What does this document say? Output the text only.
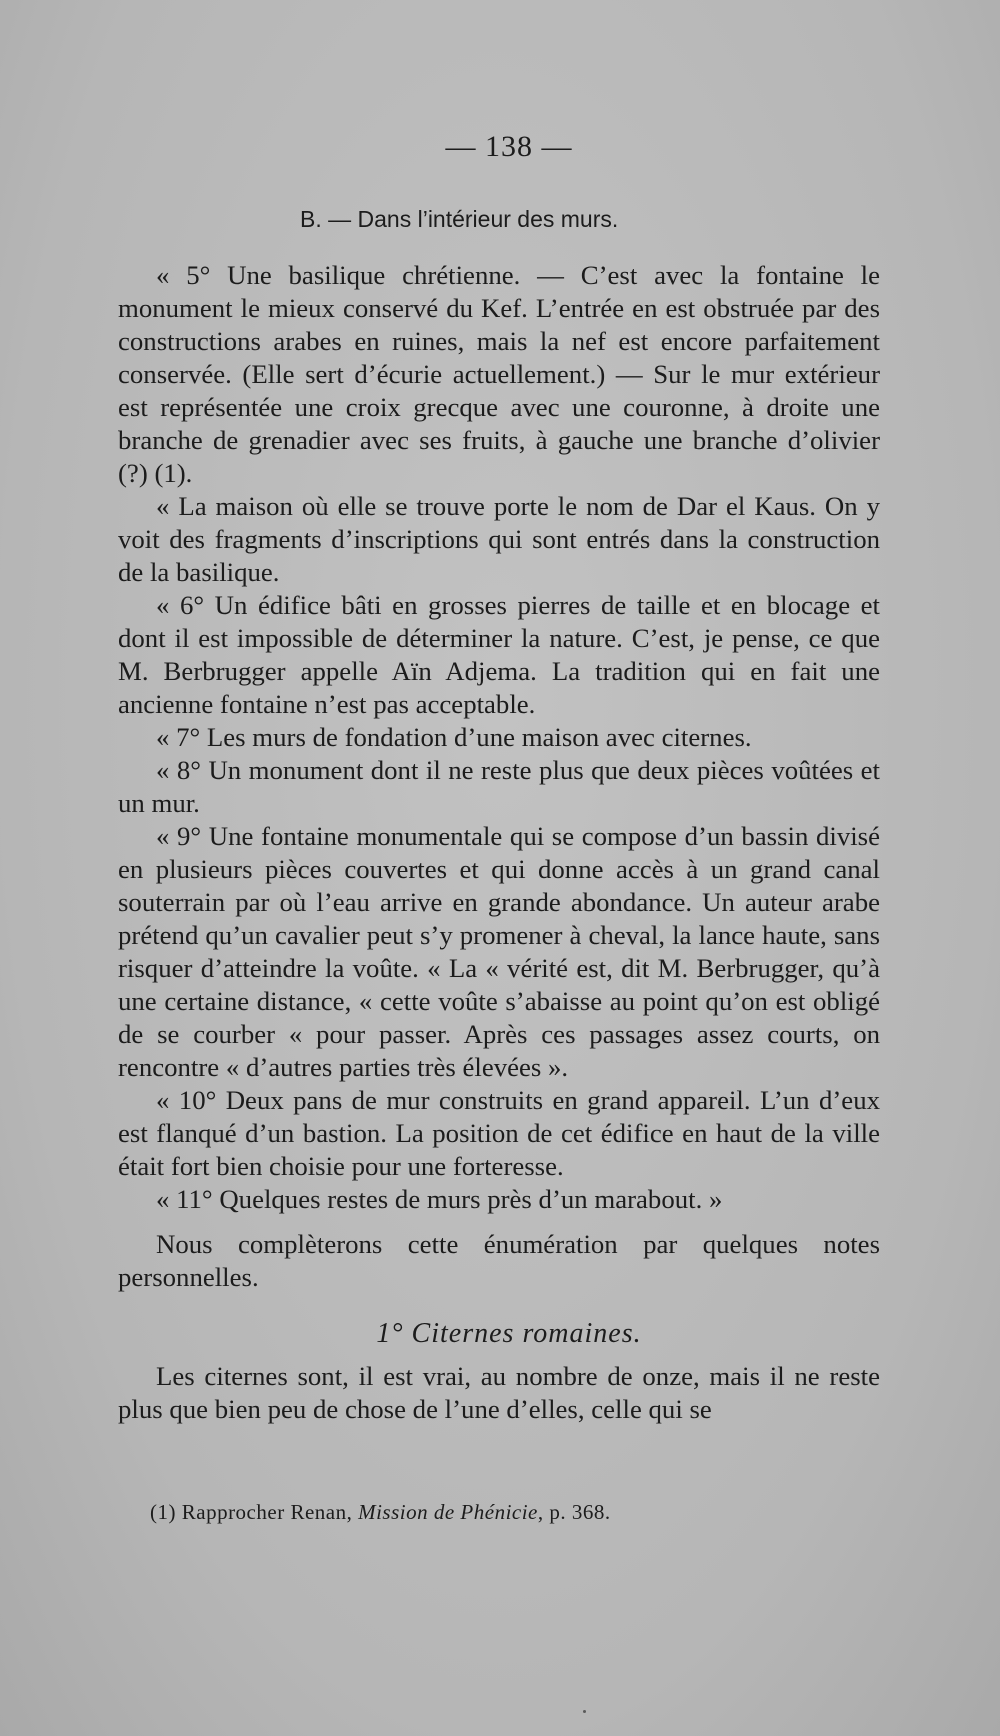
— 138 —

B. — Dans l’intérieur des murs.

« 5° Une basilique chrétienne. — C’est avec la fontaine le monument le mieux conservé du Kef. L’entrée en est obstruée par des constructions arabes en ruines, mais la nef est encore parfaitement conservée. (Elle sert d’écurie actuellement.) — Sur le mur extérieur est représentée une croix grecque avec une couronne, à droite une branche de grenadier avec ses fruits, à gauche une branche d’olivier (?) (1).

« La maison où elle se trouve porte le nom de Dar el Kaus. On y voit des fragments d’inscriptions qui sont entrés dans la construction de la basilique.

« 6° Un édifice bâti en grosses pierres de taille et en blocage et dont il est impossible de déterminer la nature. C’est, je pense, ce que M. Berbrugger appelle Aïn Adjema. La tradition qui en fait une ancienne fontaine n’est pas acceptable.

« 7° Les murs de fondation d’une maison avec citernes.

« 8° Un monument dont il ne reste plus que deux pièces voûtées et un mur.

« 9° Une fontaine monumentale qui se compose d’un bassin divisé en plusieurs pièces couvertes et qui donne accès à un grand canal souterrain par où l’eau arrive en grande abondance. Un auteur arabe prétend qu’un cavalier peut s’y promener à cheval, la lance haute, sans risquer d’atteindre la voûte. « La « vérité est, dit M. Berbrugger, qu’à une certaine distance, « cette voûte s’abaisse au point qu’on est obligé de se courber « pour passer. Après ces passages assez courts, on rencontre « d’autres parties très élevées ».

« 10° Deux pans de mur construits en grand appareil. L’un d’eux est flanqué d’un bastion. La position de cet édifice en haut de la ville était fort bien choisie pour une forteresse.

« 11° Quelques restes de murs près d’un marabout. »

Nous complèterons cette énumération par quelques notes personnelles.

1° Citernes romaines.

Les citernes sont, il est vrai, au nombre de onze, mais il ne reste plus que bien peu de chose de l’une d’elles, celle qui se

(1) Rapprocher Renan, Mission de Phénicie, p. 368.
